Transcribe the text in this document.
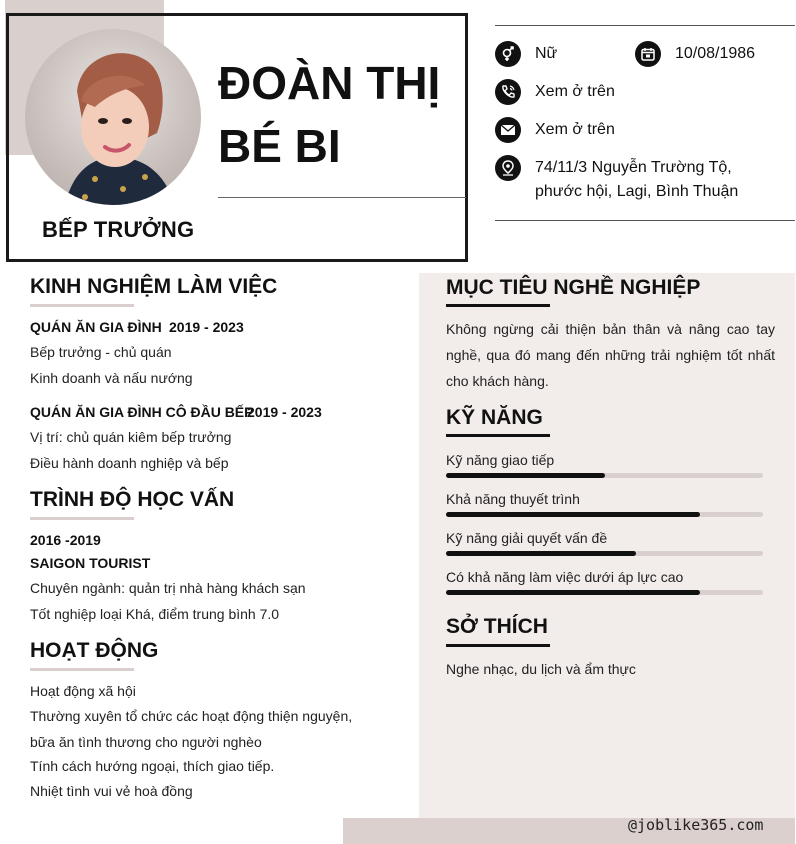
BẾP TRƯỞNG
ĐOÀN THỊ
BÉ BI
Nữ	10/08/1986
Xem ở trên
Xem ở trên
74/11/3 Nguyễn Trường Tộ,
phước hội, Lagi, Bình Thuận
@joblike365.com
KINH NGHIỆM LÀM VIỆC
QUÁN ĂN GIA ĐÌNH 2019 - 2023
Bếp trưởng - chủ quán
Kinh doanh và nấu nướng
QUÁN ĂN GIA ĐÌNH CÔ ĐẦU BẾP
2019 - 2023
Vị trí: chủ quán kiêm bếp trưởng
Điều hành doanh nghiệp và bếp
TRÌNH ĐỘ HỌC VẤN
2016 -2019
SAIGON TOURIST
Chuyên ngành: quản trị nhà hàng khách sạn
Tốt nghiệp loại Khá, điểm trung bình 7.0
HOẠT ĐỘNG
Hoạt động xã hội
Thường xuyên tổ chức các hoạt động thiện nguyện,
bữa ăn tình thương cho người nghèo
Tính cách hướng ngoại, thích giao tiếp.
Nhiệt tình vui vẻ hoà đồng
MỤC TIÊU NGHỀ NGHIỆP
Không ngừng cải thiện bản thân và nâng cao tay nghề, qua đó mang đến những trải nghiệm tốt nhất cho khách hàng.
KỸ NĂNG
Kỹ năng giao tiếp
Khả năng thuyết trình
Kỹ năng giải quyết vấn đề
Có khả năng làm việc dưới áp lực cao
SỞ THÍCH
Nghe nhạc, du lịch và ẩm thực
